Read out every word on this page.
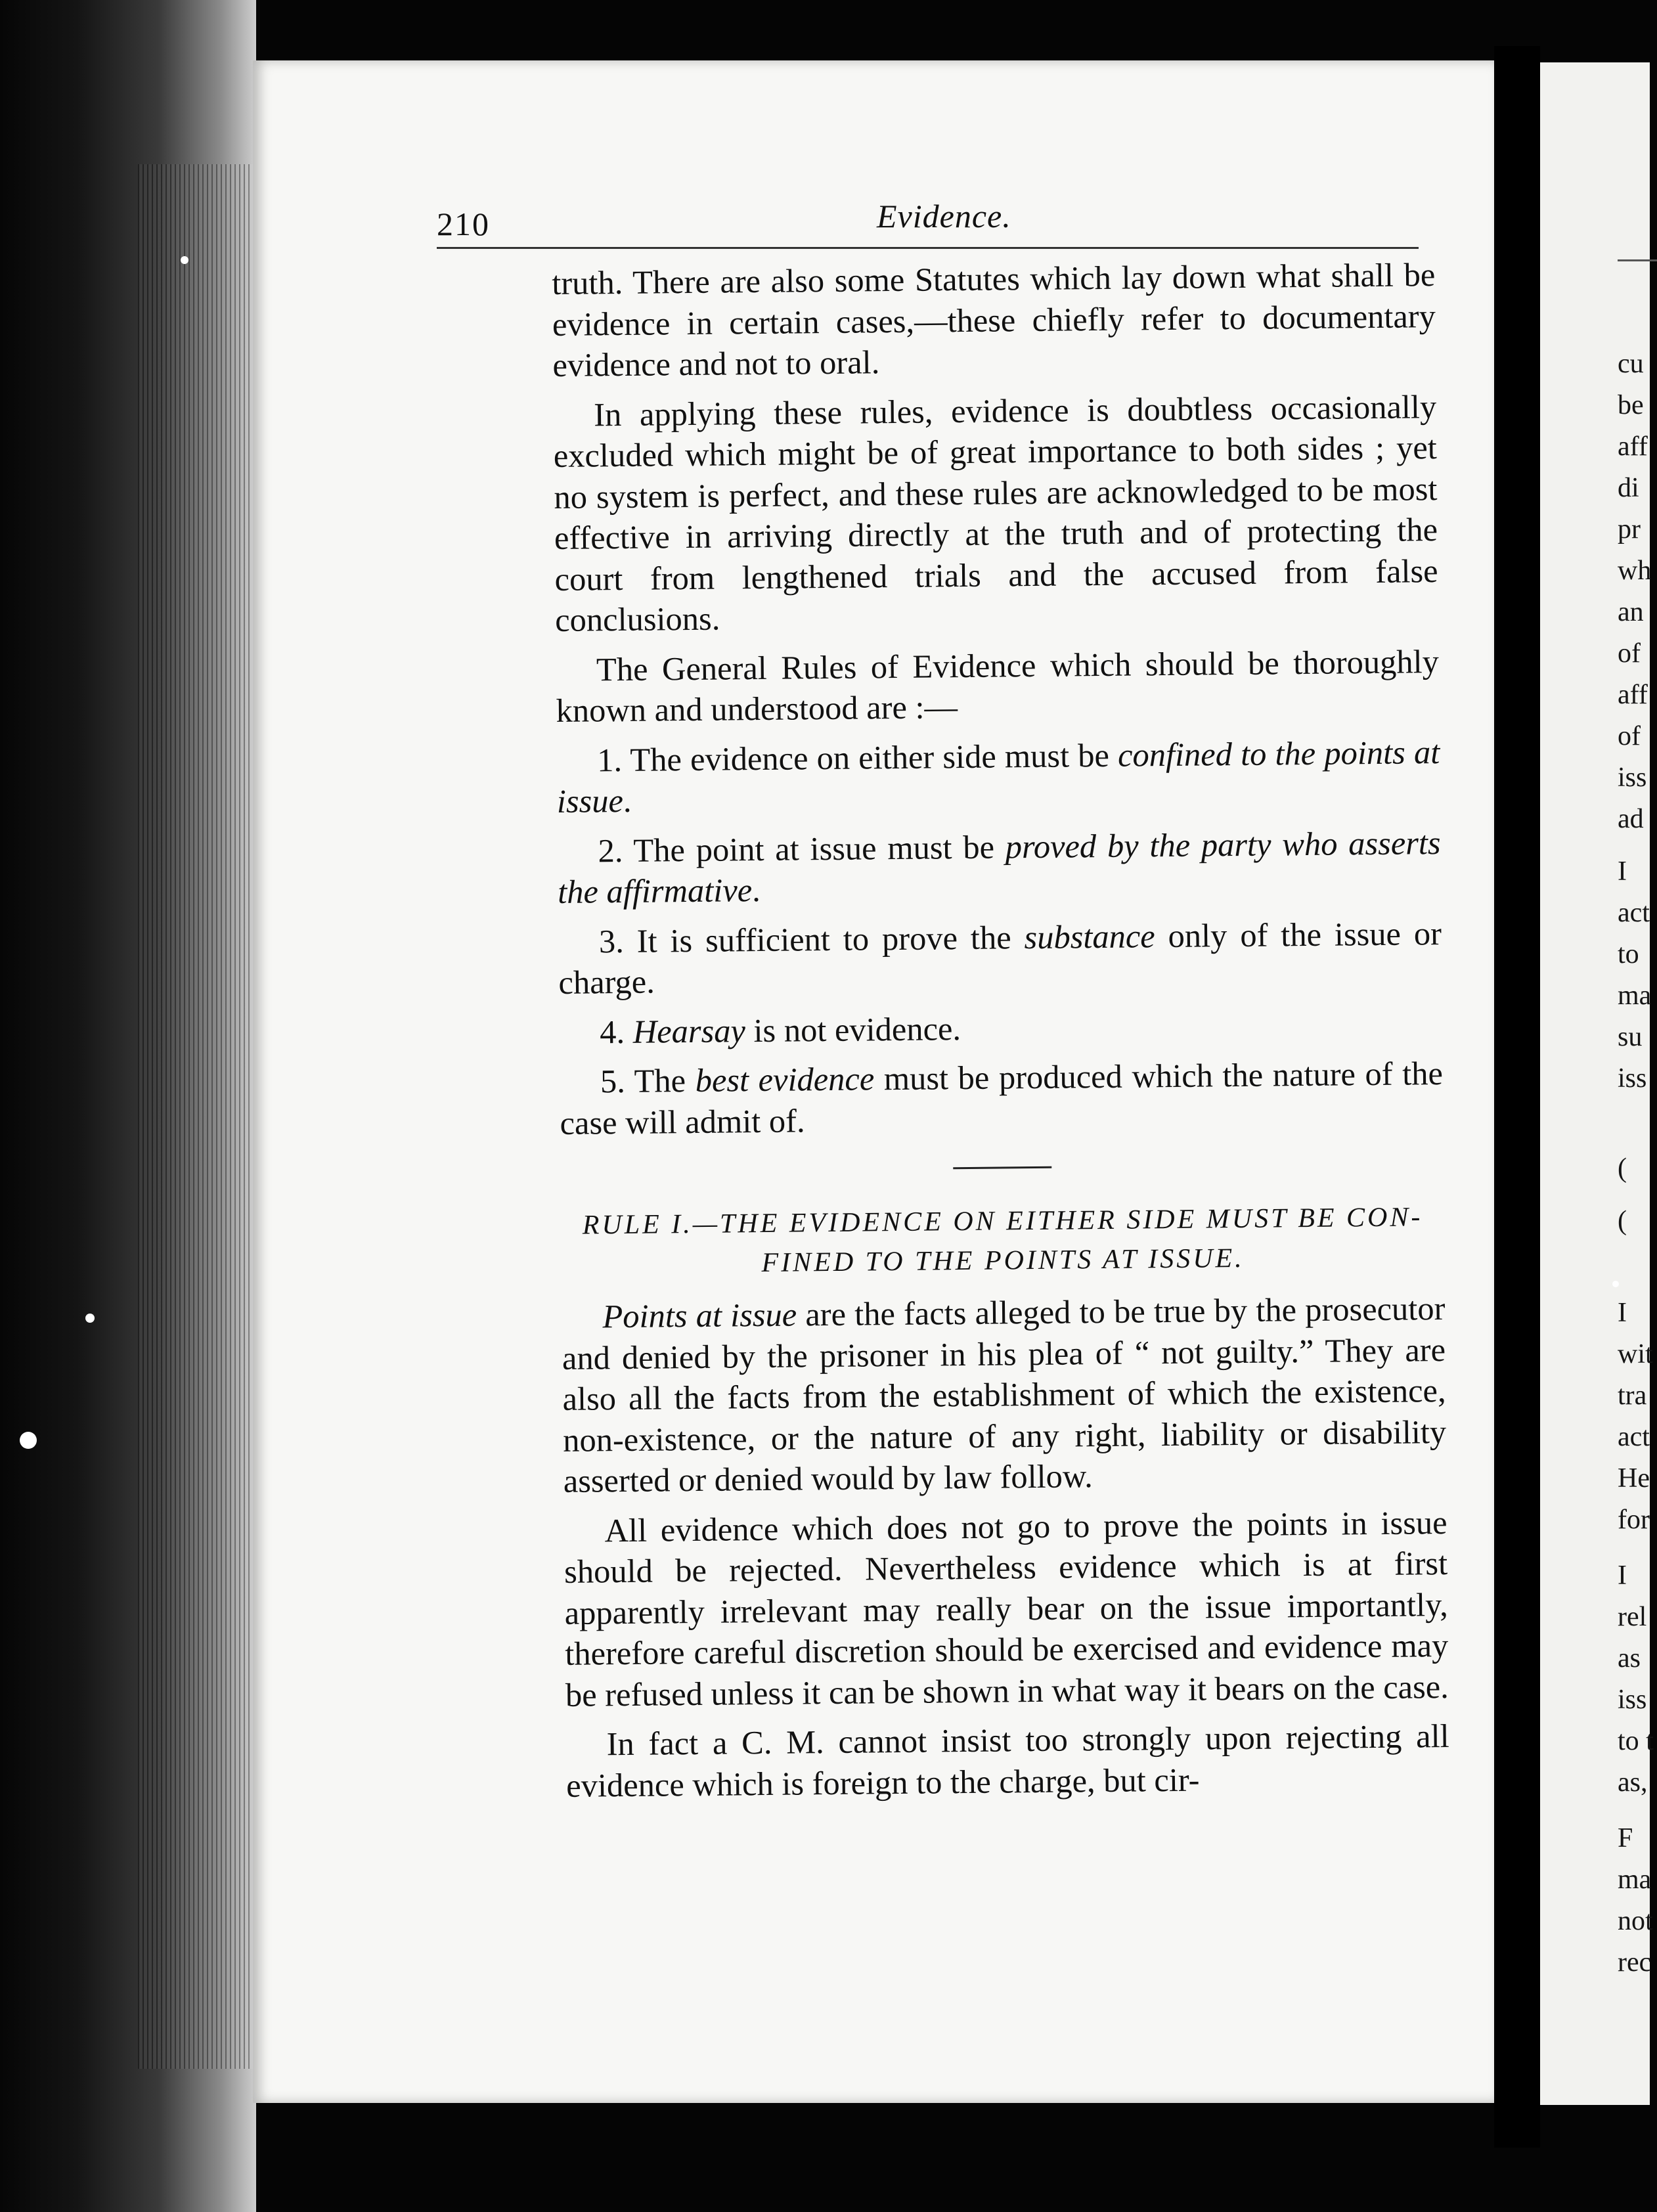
cu
be
aff
di
pr
wh
an
of
aff
of
iss
ad
I
act
to
ma
su
iss
(
(
I
wit
tra
act
He
for
I
rel
as
iss
to t
as,
F
ma
not
rec
210	Evidence.

truth. There are also some Statutes which lay down what shall be evidence in certain cases,—these chiefly refer to documentary evidence and not to oral.

In applying these rules, evidence is doubtless occasionally excluded which might be of great importance to both sides ; yet no system is perfect, and these rules are acknowledged to be most effective in arriving directly at the truth and of protecting the court from lengthened trials and the accused from false conclusions.

The General Rules of Evidence which should be thoroughly known and understood are :—

1. The evidence on either side must be confined to the points at issue.

2. The point at issue must be proved by the party who asserts the affirmative.

3. It is sufficient to prove the substance only of the issue or charge.

4. Hearsay is not evidence.

5. The best evidence must be produced which the nature of the case will admit of.

RULE I.—THE EVIDENCE ON EITHER SIDE MUST BE CON-
FINED TO THE POINTS AT ISSUE.

Points at issue are the facts alleged to be true by the prosecutor and denied by the prisoner in his plea of “ not guilty.” They are also all the facts from the establishment of which the existence, non-existence, or the nature of any right, liability or disability asserted or denied would by law follow.

All evidence which does not go to prove the points in issue should be rejected. Nevertheless evidence which is at first apparently irrelevant may really bear on the issue importantly, therefore careful discretion should be exercised and evidence may be refused unless it can be shown in what way it bears on the case.

In fact a C. M. cannot insist too strongly upon rejecting all evidence which is foreign to the charge, but cir-
